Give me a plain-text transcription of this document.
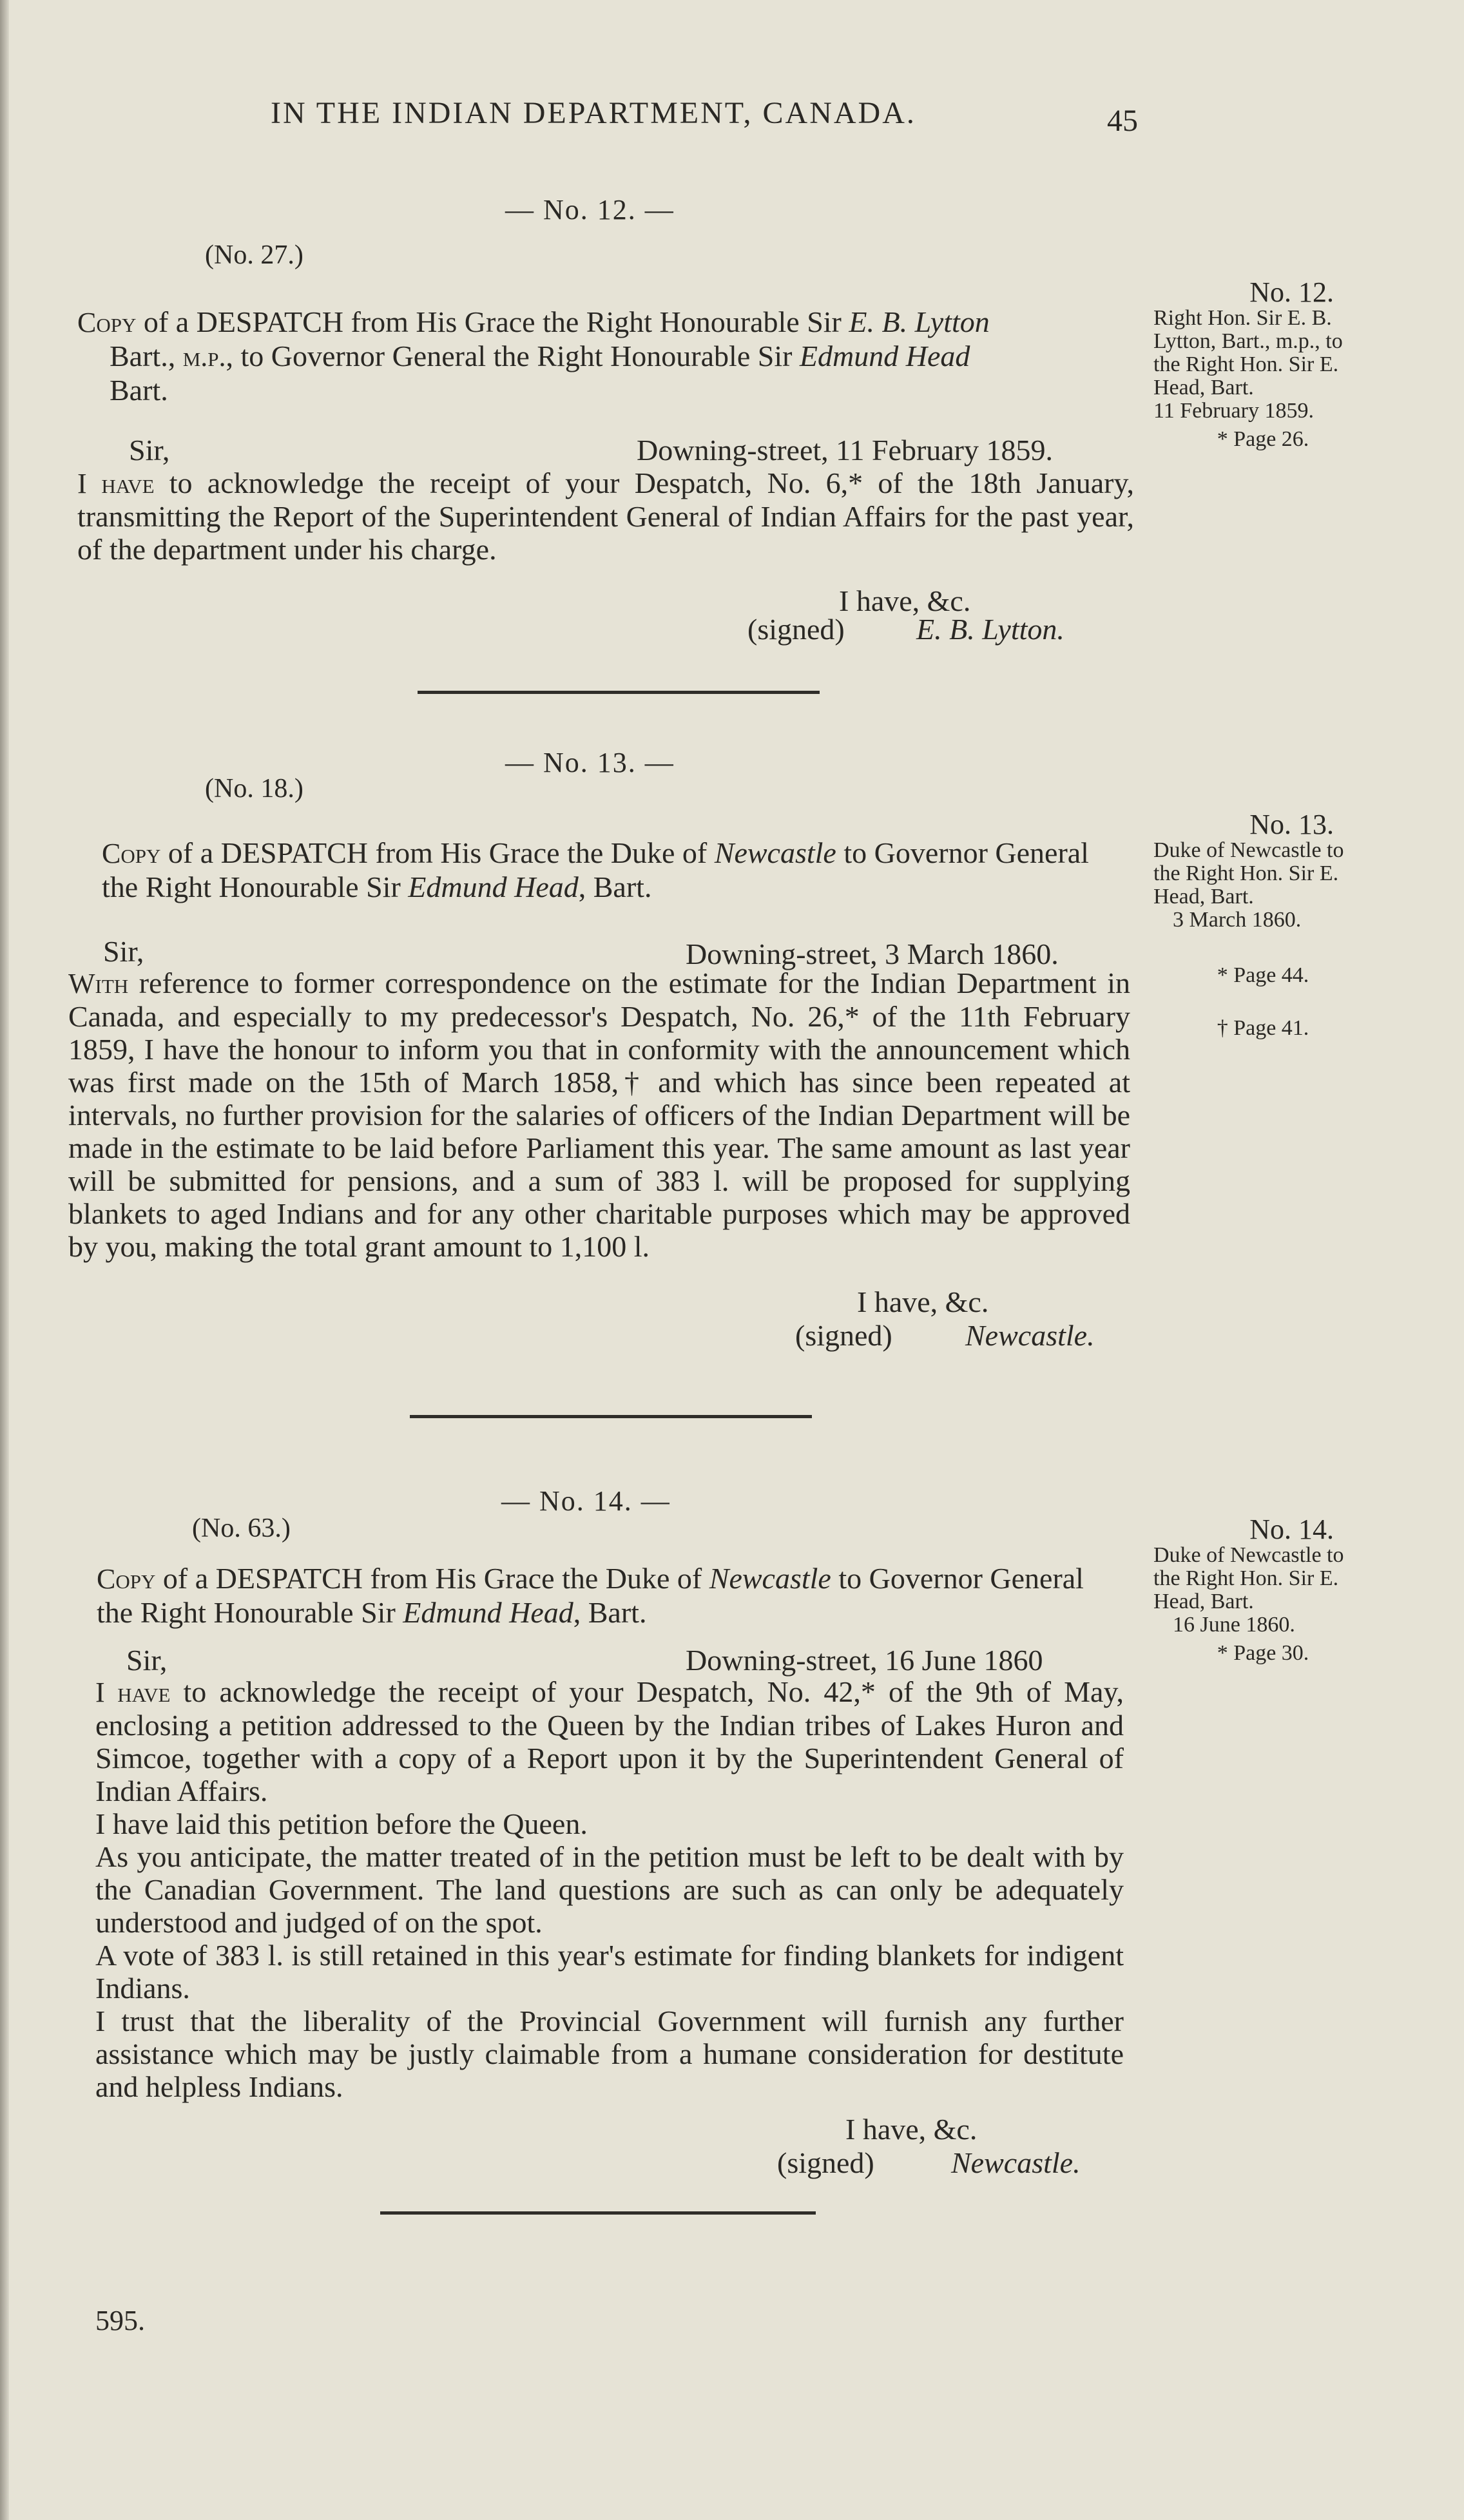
IN THE INDIAN DEPARTMENT, CANADA.	45
— No. 12. —
(No. 27.)
Copy of a DESPATCH from His Grace the Right Honourable Sir E. B. Lytton
Bart., m.p., to Governor General the Right Honourable Sir Edmund Head
Bart.
Sir,	Downing-street, 11 February 1859.

I have to acknowledge the receipt of your Despatch, No. 6,* of the 18th January, transmitting the Report of the Superintendent General of Indian Affairs for the past year, of the department under his charge.

I have, &c.
(signed) E. B. Lytton.
No. 12.
Right Hon. Sir E. B. Lytton, Bart., m.p., to the Right Hon. Sir E. Head, Bart.
11 February 1859.
* Page 26.
— No. 13. —
(No. 18.)
Copy of a DESPATCH from His Grace the Duke of Newcastle to Governor General the Right Honourable Sir Edmund Head, Bart.
Sir,	Downing-street, 3 March 1860.

With reference to former correspondence on the estimate for the Indian Department in Canada, and especially to my predecessor's Despatch, No. 26,* of the 11th February 1859, I have the honour to inform you that in conformity with the announcement which was first made on the 15th of March 1858,† and which has since been repeated at intervals, no further provision for the salaries of officers of the Indian Department will be made in the estimate to be laid before Parliament this year. The same amount as last year will be submitted for pensions, and a sum of 383 l. will be proposed for supplying blankets to aged Indians and for any other charitable purposes which may be approved by you, making the total grant amount to 1,100 l.

I have, &c.
(signed) Newcastle.
No. 13.
Duke of Newcastle to the Right Hon. Sir E. Head, Bart.
3 March 1860.
* Page 44.
† Page 41.
— No. 14. —
(No. 63.)
Copy of a DESPATCH from His Grace the Duke of Newcastle to Governor General the Right Honourable Sir Edmund Head, Bart.
Sir,	Downing-street, 16 June 1860

I have to acknowledge the receipt of your Despatch, No. 42,* of the 9th of May, enclosing a petition addressed to the Queen by the Indian tribes of Lakes Huron and Simcoe, together with a copy of a Report upon it by the Superintendent General of Indian Affairs.

I have laid this petition before the Queen.

As you anticipate, the matter treated of in the petition must be left to be dealt with by the Canadian Government. The land questions are such as can only be adequately understood and judged of on the spot.

A vote of 383 l. is still retained in this year's estimate for finding blankets for indigent Indians.

I trust that the liberality of the Provincial Government will furnish any further assistance which may be justly claimable from a humane consideration for destitute and helpless Indians.

I have, &c.
(signed)	Newcastle.
No. 14.
Duke of Newcastle to the Right Hon. Sir E. Head, Bart.
16 June 1860.
* Page 30.
595.
